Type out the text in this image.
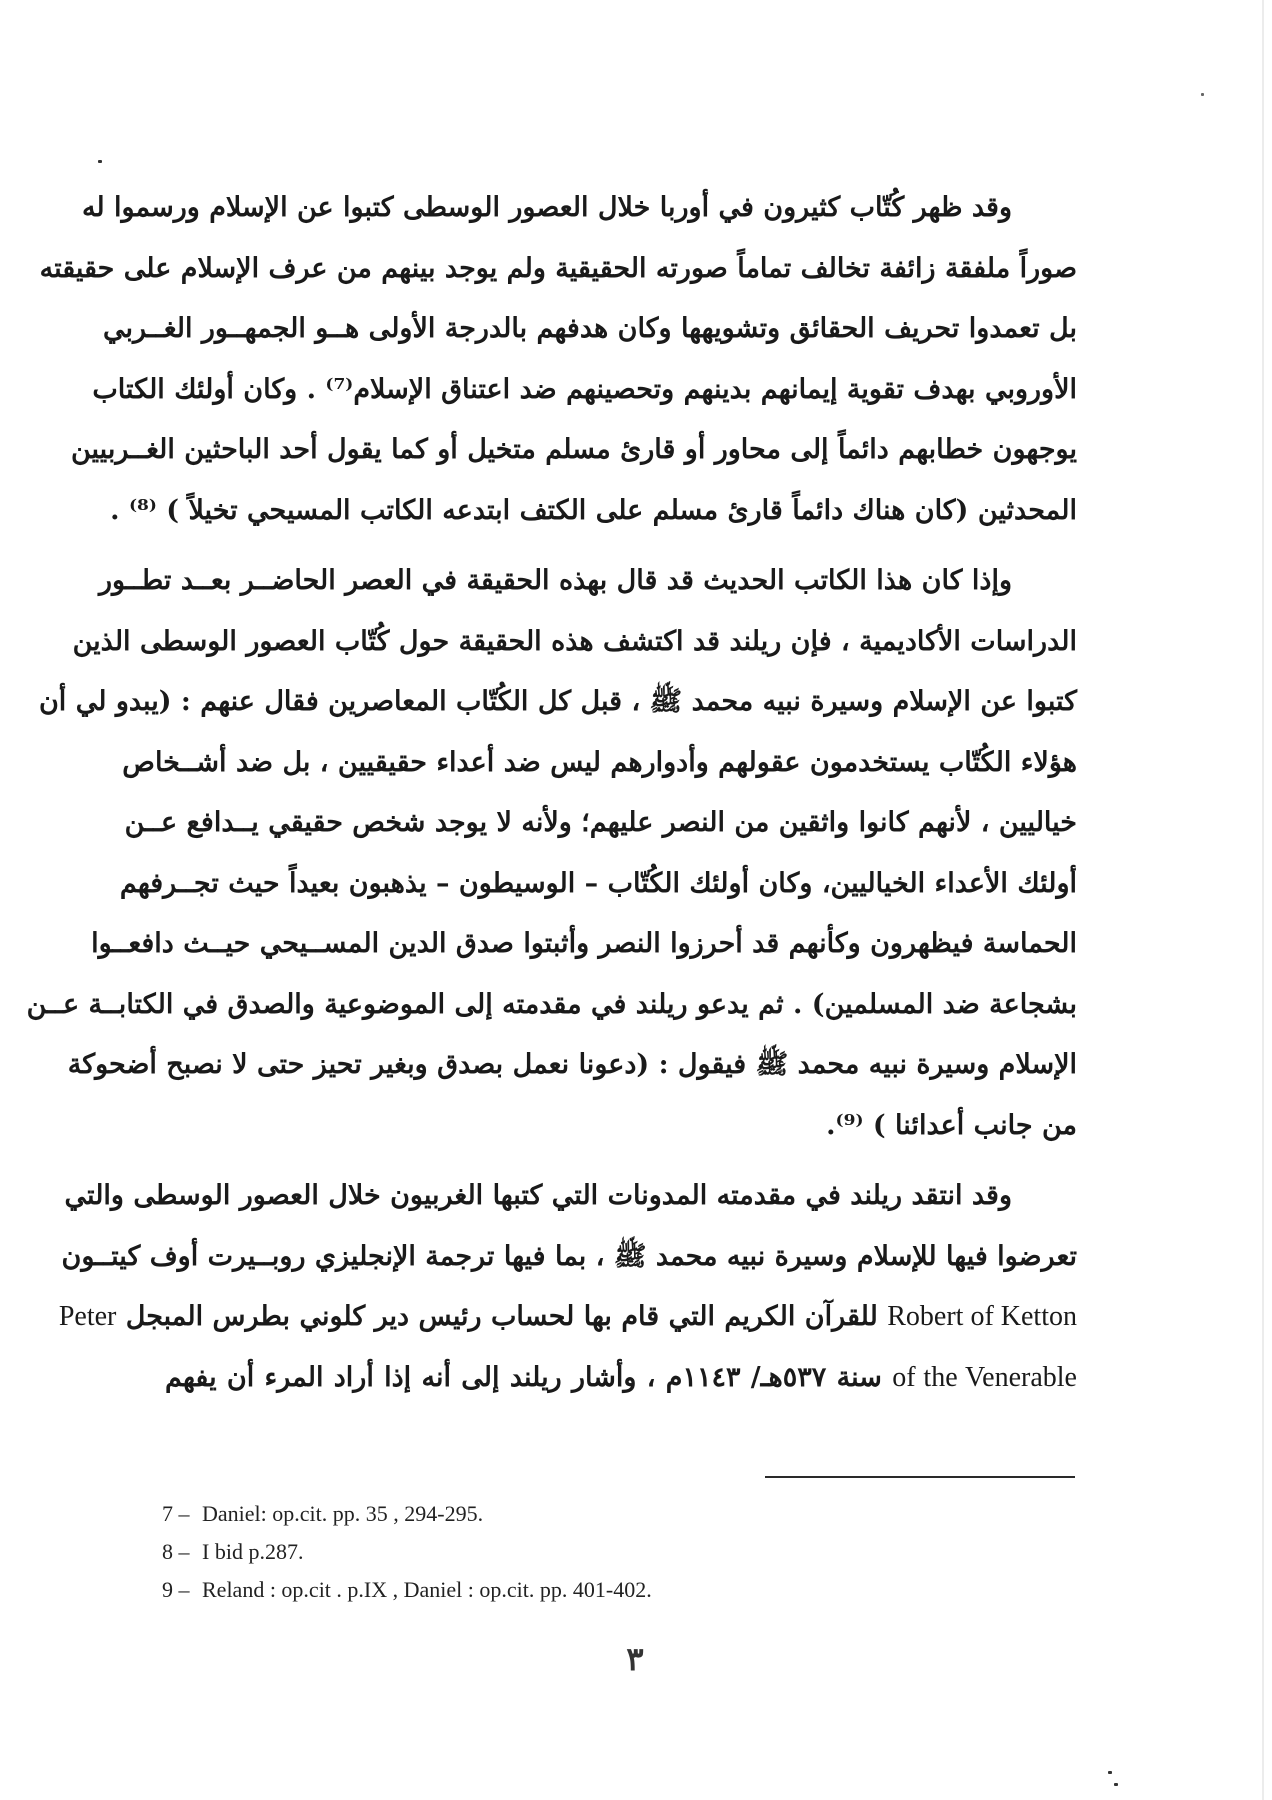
وقد ظهر كُتّاب كثيرون في أوربا خلال العصور الوسطى كتبوا عن الإسلام ورسموا له
صوراً ملفقة زائفة تخالف تماماً صورته الحقيقية ولم يوجد بينهم من عرف الإسلام على حقيقته
بل تعمدوا تحريف الحقائق وتشويهها وكان هدفهم بالدرجة الأولى هــو الجمهــور الغــربي
الأوروبي بهدف تقوية إيمانهم بدينهم وتحصينهم ضد اعتناق الإسلام⁽⁷⁾ . وكان أولئك الكتاب
يوجهون خطابهم دائماً إلى محاور أو قارئ مسلم متخيل أو كما يقول أحد الباحثين الغــربيين
المحدثين (كان هناك دائماً قارئ مسلم على الكتف ابتدعه الكاتب المسيحي تخيلاً ) ⁽⁸⁾ .
وإذا كان هذا الكاتب الحديث قد قال بهذه الحقيقة في العصر الحاضــر بعــد تطــور
الدراسات الأكاديمية ، فإن ريلند قد اكتشف هذه الحقيقة حول كُتّاب العصور الوسطى الذين
كتبوا عن الإسلام وسيرة نبيه محمد ﷺ ، قبل كل الكُتّاب المعاصرين فقال عنهم : (يبدو لي أن
هؤلاء الكُتّاب يستخدمون عقولهم وأدوارهم ليس ضد أعداء حقيقيين ، بل ضد أشــخاص
خياليين ، لأنهم كانوا واثقين من النصر عليهم؛ ولأنه لا يوجد شخص حقيقي يــدافع عــن
أولئك الأعداء الخياليين، وكان أولئك الكُتّاب – الوسيطون – يذهبون بعيداً حيث تجــرفهم
الحماسة فيظهرون وكأنهم قد أحرزوا النصر وأثبتوا صدق الدين المســيحي حيــث دافعــوا
بشجاعة ضد المسلمين) . ثم يدعو ريلند في مقدمته إلى الموضوعية والصدق في الكتابــة عــن
الإسلام وسيرة نبيه محمد ﷺ فيقول : (دعونا نعمل بصدق وبغير تحيز حتى لا نصبح أضحوكة
من جانب أعدائنا ) ⁽⁹⁾.
وقد انتقد ريلند في مقدمته المدونات التي كتبها الغربيون خلال العصور الوسطى والتي
تعرضوا فيها للإسلام وسيرة نبيه محمد ﷺ ، بما فيها ترجمة الإنجليزي روبــيرت أوف كيتــون
Robert of Ketton للقرآن الكريم التي قام بها لحساب رئيس دير كلوني بطرس المبجل Peter
of the Venerable سنة ٥٣٧هـ/ ١١٤٣م ، وأشار ريلند إلى أنه إذا أراد المرء أن يفهم
7 – Daniel: op.cit. pp. 35 , 294-295.
8 – I bid p.287.
9 – Reland : op.cit . p.IX , Daniel : op.cit. pp. 401-402.
٣
